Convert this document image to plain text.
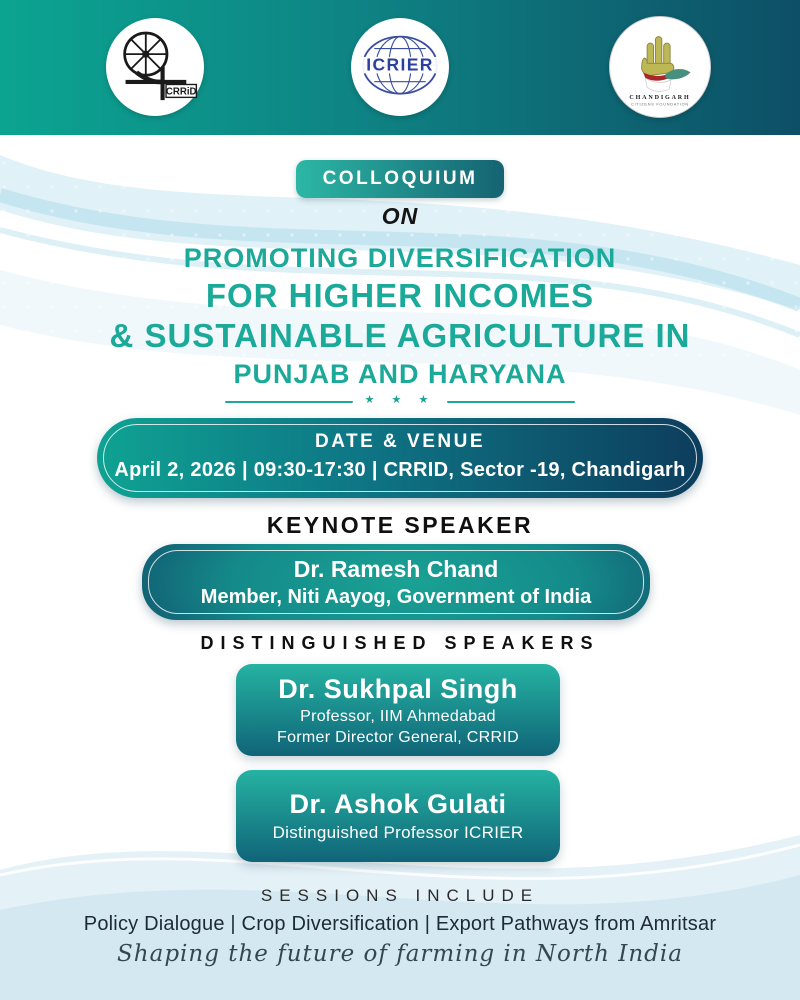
CRRiD
ICRIER
CHANDIGARH
CITIZENS FOUNDATION
COLLOQUIUM
ON
PROMOTING DIVERSIFICATION
FOR HIGHER INCOMES
& SUSTAINABLE AGRICULTURE IN
PUNJAB AND HARYANA
★ ★ ★
DATE & VENUE
April 2, 2026 | 09:30-17:30 | CRRID, Sector -19, Chandigarh
KEYNOTE SPEAKER
Dr. Ramesh Chand
Member, Niti Aayog, Government of India
DISTINGUISHED SPEAKERS
Dr. Sukhpal Singh
Professor, IIM Ahmedabad
Former Director General, CRRID
Dr. Ashok Gulati
Distinguished Professor ICRIER
SESSIONS INCLUDE
Policy Dialogue | Crop Diversification | Export Pathways from Amritsar
Shaping the future of farming in North India
